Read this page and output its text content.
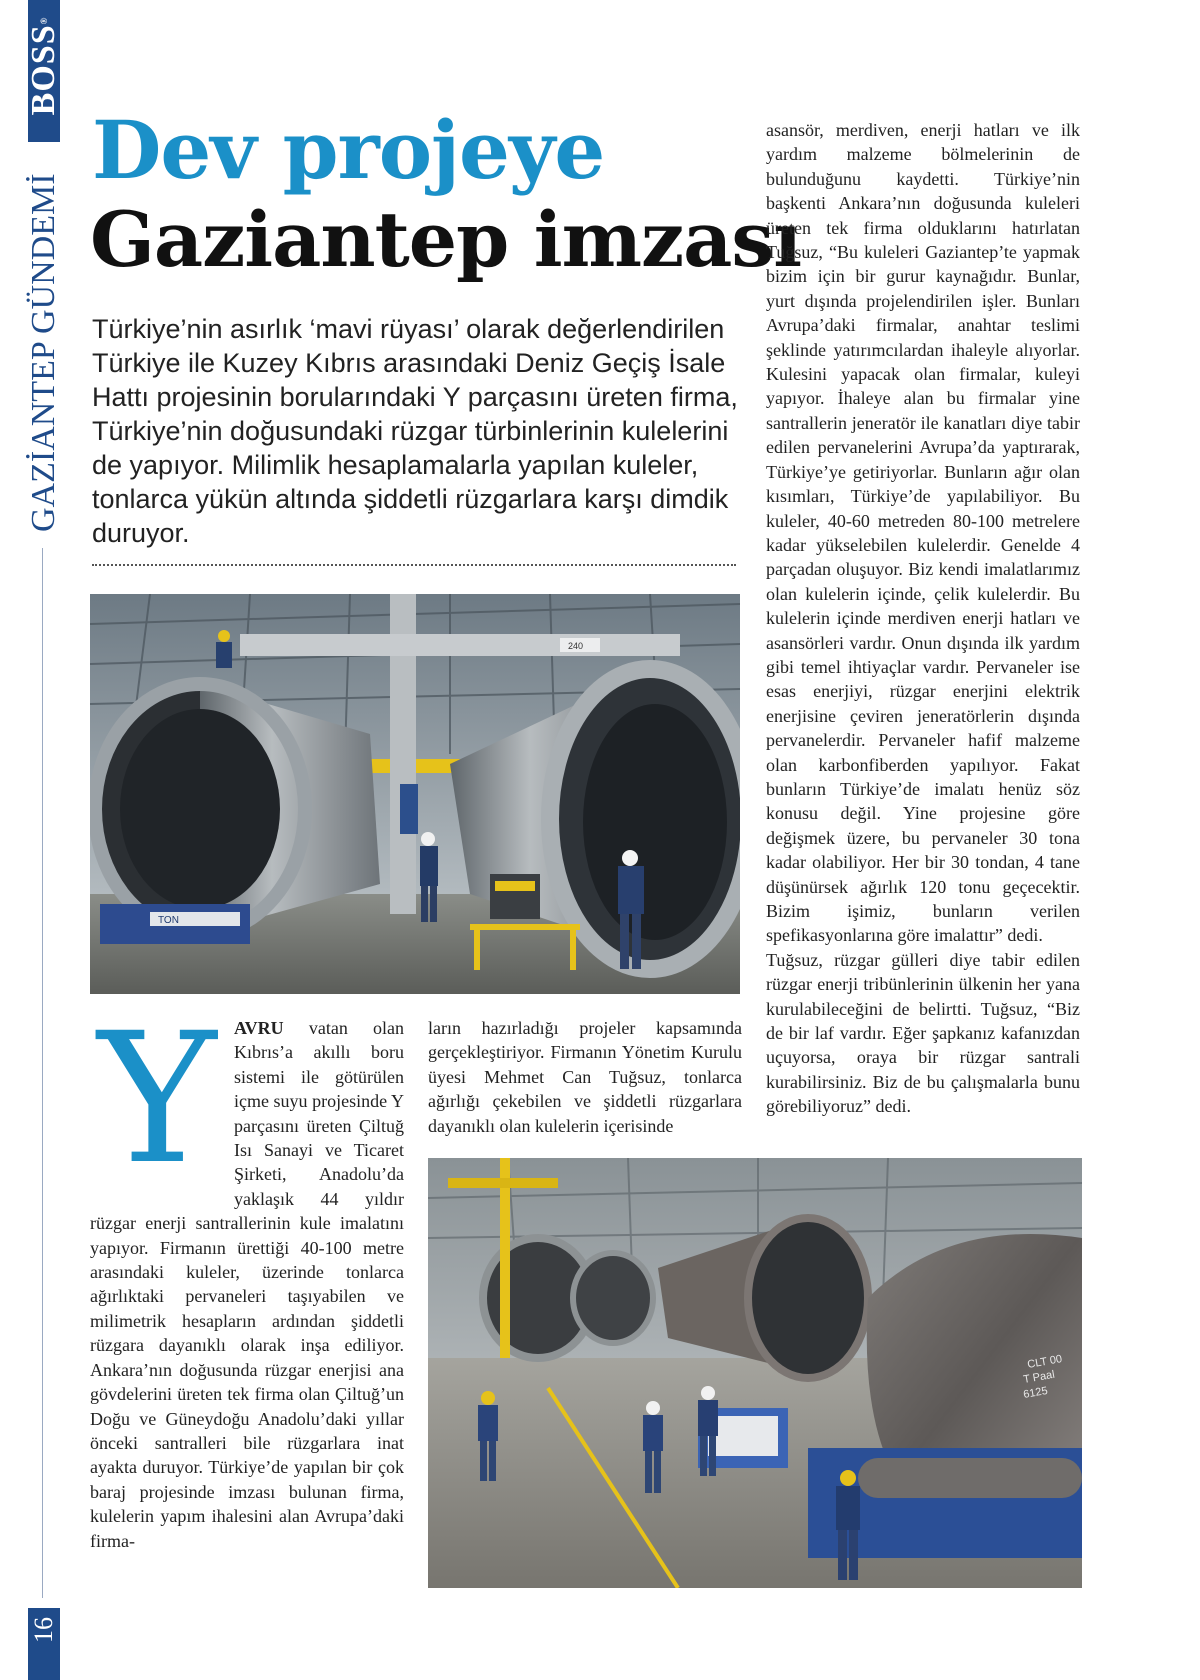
BOSS®
GAZİANTEP GÜNDEMİ
16
Dev projeye
Gaziantep imzası
Türkiye’nin asırlık ‘mavi rüyası’ olarak değerlendirilen Türkiye ile Kuzey Kıbrıs arasındaki Deniz Geçiş İsale Hattı projesinin borularındaki Y parçasını üreten firma, Türkiye’nin doğusundaki rüzgar türbinlerinin kulelerini de yapıyor. Milimlik hesaplamalarla yapılan kuleler, tonlarca yükün altında şiddetli rüzgarlara karşı dimdik duruyor.
240
TON
YAVRU vatan olan Kıbrıs’a akıllı boru sistemi ile götürülen içme suyu projesinde Y parçasını üreten Çiltuğ Isı Sanayi ve Ticaret Şirketi, Anadolu’da yaklaşık 44 yıldır rüzgar enerji santrallerinin kule imalatını yapıyor. Firmanın ürettiği 40-100 metre arasındaki kuleler, üzerinde tonlarca ağırlıktaki pervaneleri taşıyabilen ve milimetrik hesapların ardından şiddetli rüzgara dayanıklı olarak inşa ediliyor. Ankara’nın doğusunda rüzgar enerjisi ana gövdelerini üreten tek firma olan Çiltuğ’un Doğu ve Güneydoğu Anadolu’daki yıllar önceki santralleri bile rüzgarlara inat ayakta duruyor. Türkiye’de yapılan bir çok baraj projesinde imzası bulunan firma, kulelerin yapım ihalesini alan Avrupa’daki firma-
ların hazırladığı projeler kapsamında gerçekleştiriyor. Firmanın Yönetim Kurulu üyesi Mehmet Can Tuğsuz, tonlarca ağırlığı çekebilen ve şiddetli rüzgarlara dayanıklı olan kulelerin içerisinde
asansör, merdiven, enerji hatları ve ilk yardım malzeme bölmelerinin de bulunduğunu kaydetti. Türkiye’nin başkenti Ankara’nın doğusunda kuleleri üreten tek firma olduklarını hatırlatan Tuğsuz, “Bu kuleleri Gaziantep’te yapmak bizim için bir gurur kaynağıdır. Bunlar, yurt dışında projelendirilen işler. Bunları Avrupa’daki firmalar, anahtar teslimi şeklinde yatırımcılardan ihaleyle alıyorlar. Kulesini yapacak olan firmalar, kuleyi yapıyor. İhaleye alan bu firmalar yine santrallerin jeneratör ile kanatları diye tabir edilen pervanelerini Avrupa’da yaptırarak, Türkiye’ye getiriyorlar. Bunların ağır olan kısımları, Türkiye’de yapılabiliyor. Bu kuleler, 40-60 metreden 80-100 metrelere kadar yükselebilen kulelerdir. Genelde 4 parçadan oluşuyor. Biz kendi imalatlarımız olan kulelerin içinde, çelik kulelerdir. Bu kulelerin içinde merdiven enerji hatları ve asansörleri vardır. Onun dışında ilk yardım gibi temel ihtiyaçlar vardır. Pervaneler ise esas enerjiyi, rüzgar enerjini elektrik enerjisine çeviren jeneratörlerin dışında pervanelerdir. Pervaneler hafif malzeme olan karbonfiberden yapılıyor. Fakat bunların Türkiye’de imalatı henüz söz konusu değil. Yine projesine göre değişmek üzere, bu pervaneler 30 tona kadar olabiliyor. Her bir 30 tondan, 4 tane düşünürsek ağırlık 120 tonu geçecektir. Bizim işimiz, bunların verilen spefikasyonlarına göre imalattır” dedi.
Tuğsuz, rüzgar gülleri diye tabir edilen rüzgar enerji tribünlerinin ülkenin her yana kurulabileceğini de belirtti. Tuğsuz, “Biz de bir laf vardır. Eğer şapkanız kafanızdan uçuyorsa, oraya bir rüzgar santrali kurabilirsiniz. Biz de bu çalışmalarla bunu görebiliyoruz” dedi.
CLT 00
T Paal
6125
